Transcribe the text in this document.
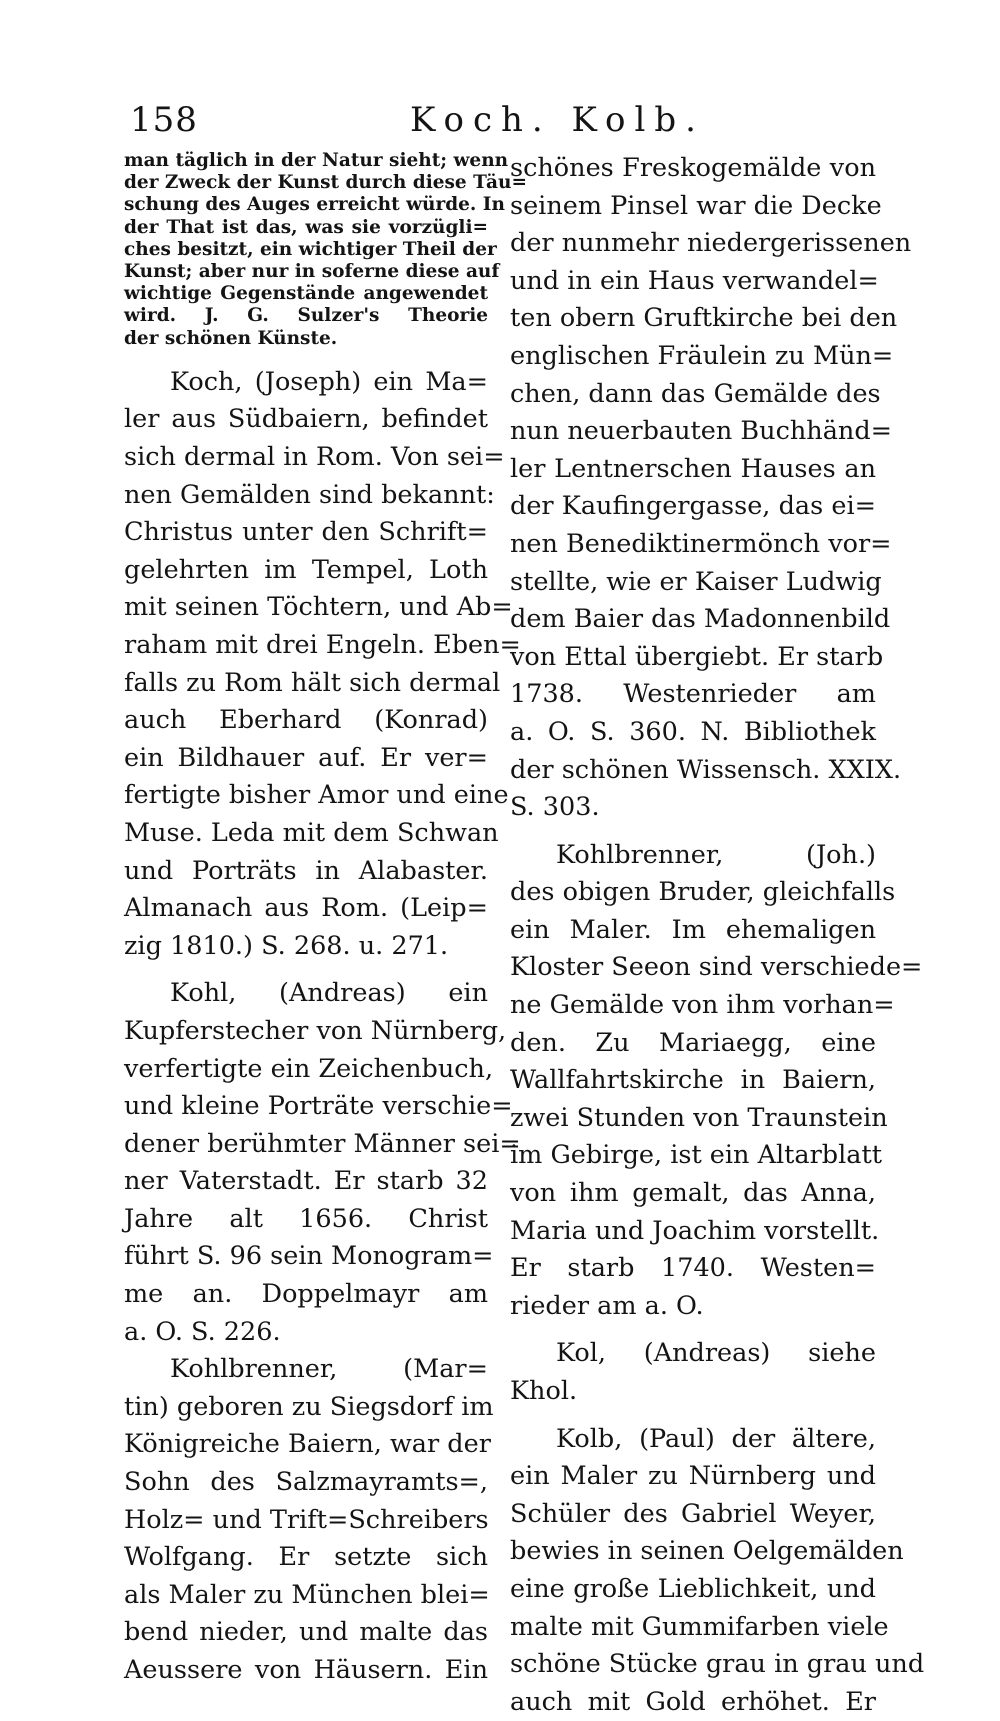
158	Koch. Kolb.
man täglich in der Natur sieht; wenn
der Zweck der Kunst durch diese Täu=
schung des Auges erreicht würde. In
der That ist das, was sie vorzügli=
ches besitzt, ein wichtiger Theil der
Kunst; aber nur in soferne diese auf
wichtige Gegenstände angewendet
wird. J. G. Sulzer's Theorie
der schönen Künste.
Koch, (Joseph) ein Ma=
ler aus Südbaiern, befindet
sich dermal in Rom. Von sei=
nen Gemälden sind bekannt:
Christus unter den Schrift=
gelehrten im Tempel, Loth
mit seinen Töchtern, und Ab=
raham mit drei Engeln. Eben=
falls zu Rom hält sich dermal
auch Eberhard (Konrad)
ein Bildhauer auf. Er ver=
fertigte bisher Amor und eine
Muse. Leda mit dem Schwan
und Porträts in Alabaster.
Almanach aus Rom. (Leip=
zig 1810.) S. 268. u. 271.
Kohl, (Andreas) ein
Kupferstecher von Nürnberg,
verfertigte ein Zeichenbuch,
und kleine Porträte verschie=
dener berühmter Männer sei=
ner Vaterstadt. Er starb 32
Jahre alt 1656. Christ
führt S. 96 sein Monogram=
me an. Doppelmayr am
a. O. S. 226.
Kohlbrenner, (Mar=
tin) geboren zu Siegsdorf im
Königreiche Baiern, war der
Sohn des Salzmayramts=,
Holz= und Trift=Schreibers
Wolfgang. Er setzte sich
als Maler zu München blei=
bend nieder, und malte das
Aeussere von Häusern. Ein
schönes Freskogemälde von
seinem Pinsel war die Decke
der nunmehr niedergerissenen
und in ein Haus verwandel=
ten obern Gruftkirche bei den
englischen Fräulein zu Mün=
chen, dann das Gemälde des
nun neuerbauten Buchhänd=
ler Lentnerschen Hauses an
der Kaufingergasse, das ei=
nen Benediktinermönch vor=
stellte, wie er Kaiser Ludwig
dem Baier das Madonnenbild
von Ettal übergiebt. Er starb
1738. Westenrieder am
a. O. S. 360. N. Bibliothek
der schönen Wissensch. XXIX.
S. 303.
Kohlbrenner, (Joh.)
des obigen Bruder, gleichfalls
ein Maler. Im ehemaligen
Kloster Seeon sind verschiede=
ne Gemälde von ihm vorhan=
den. Zu Mariaegg, eine
Wallfahrtskirche in Baiern,
zwei Stunden von Traunstein
im Gebirge, ist ein Altarblatt
von ihm gemalt, das Anna,
Maria und Joachim vorstellt.
Er starb 1740. Westen=
rieder am a. O.
Kol, (Andreas) siehe
Khol.
Kolb, (Paul) der ältere,
ein Maler zu Nürnberg und
Schüler des Gabriel Weyer,
bewies in seinen Oelgemälden
eine große Lieblichkeit, und
malte mit Gummifarben viele
schöne Stücke grau in grau und
auch mit Gold erhöhet. Er
